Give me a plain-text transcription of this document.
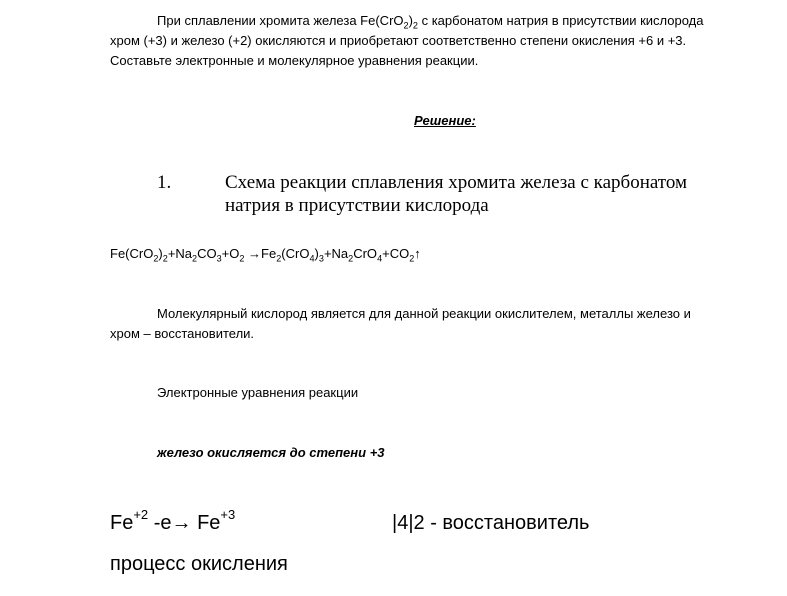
При сплавлении хромита железа $Fe(CrO_2)_2$ с карбонатом натрия в присутствии кислорода
хром (+3) и железо (+2) окисляются и приобретают соответственно степени окисления +6 и +3.
Составьте электронные и молекулярное уравнения реакции.
Решение:
1.	Схема реакции сплавления хромита железа с карбонатом
натрия в присутствии кислорода
$Fe(CrO_2)_2+Na_2CO_3+O_2$ $\to Fe_2(CrO_4)_3+Na_2CrO_4+CO_2↑$
Молекулярный кислород является для данной реакции окислителем, металлы железо и
хром – восстановители.
Электронные уравнения реакции
железо окисляется до степени +3
$Fe^{+2}$ $-e\to Fe^{+3}$	|4|2 - восстановитель
процесс окисления
